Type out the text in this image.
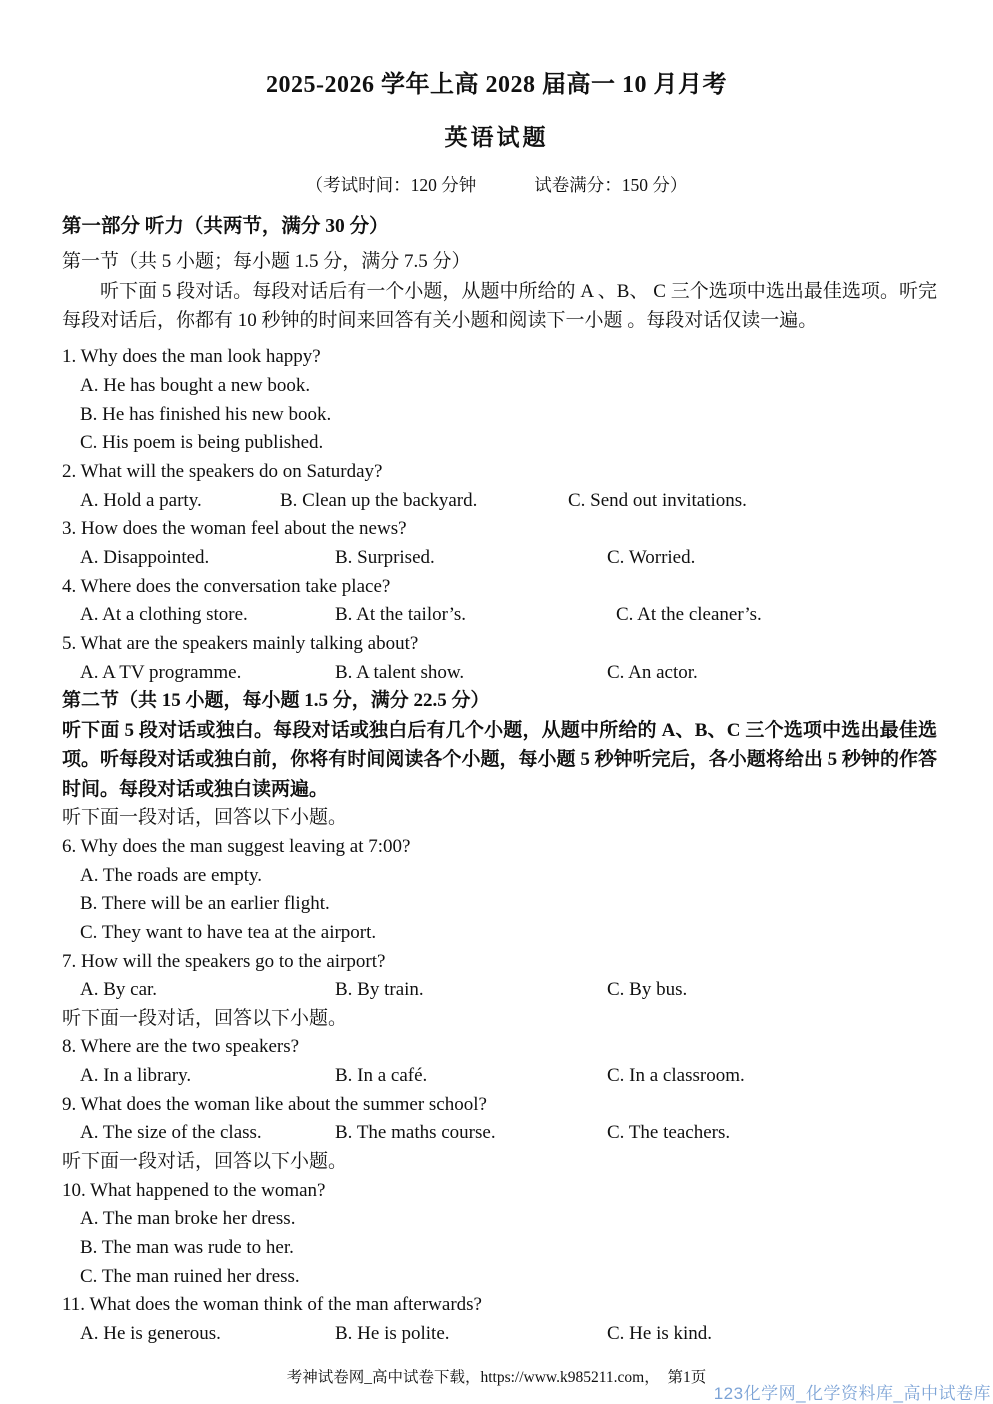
2025-2026 学年上高 2028 届高一 10 月月考
英语试题
（考试时间：120 分钟	试卷满分：150 分）
第一部分 听力（共两节，满分 30 分）
第一节（共 5 小题；每小题 1.5 分，满分 7.5 分）
听下面 5 段对话。每段对话后有一个小题，从题中所给的 A 、B、 C 三个选项中选出最佳选项。听完每段对话后，你都有 10 秒钟的时间来回答有关小题和阅读下一小题 。每段对话仅读一遍。
1. Why does the man look happy?
A. He has bought a new book.
B. He has finished his new book.
C. His poem is being published.
2. What will the speakers do on Saturday?
A. Hold a party.	B. Clean up the backyard.	C. Send out invitations.
3. How does the woman feel about the news?
A. Disappointed.	B. Surprised.	C. Worried.
4. Where does the conversation take place?
A. At a clothing store.	B. At the tailor’s.	C. At the cleaner’s.
5. What are the speakers mainly talking about?
A. A TV programme.	B. A talent show.	C. An actor.
第二节（共 15 小题，每小题 1.5 分，满分 22.5 分）
听下面 5 段对话或独白。每段对话或独白后有几个小题，从题中所给的 A、B、C 三个选项中选出最佳选项。听每段对话或独白前，你将有时间阅读各个小题，每小题 5 秒钟听完后，各小题将给出 5 秒钟的作答时间。每段对话或独白读两遍。
听下面一段对话，回答以下小题。
6. Why does the man suggest leaving at 7:00?
A. The roads are empty.
B. There will be an earlier flight.
C. They want to have tea at the airport.
7. How will the speakers go to the airport?
A. By car.	B. By train.	C. By bus.
听下面一段对话，回答以下小题。
8. Where are the two speakers?
A. In a library.	B. In a café.	C. In a classroom.
9. What does the woman like about the summer school?
A. The size of the class.	B. The maths course.	C. The teachers.
听下面一段对话，回答以下小题。
10. What happened to the woman?
A. The man broke her dress.
B. The man was rude to her.
C. The man ruined her dress.
11. What does the woman think of the man afterwards?
A. He is generous.	B. He is polite.	C. He is kind.
考神试卷网_高中试卷下载，https://www.k985211.com，  第1页
123化学网_化学资料库_高中试卷库
